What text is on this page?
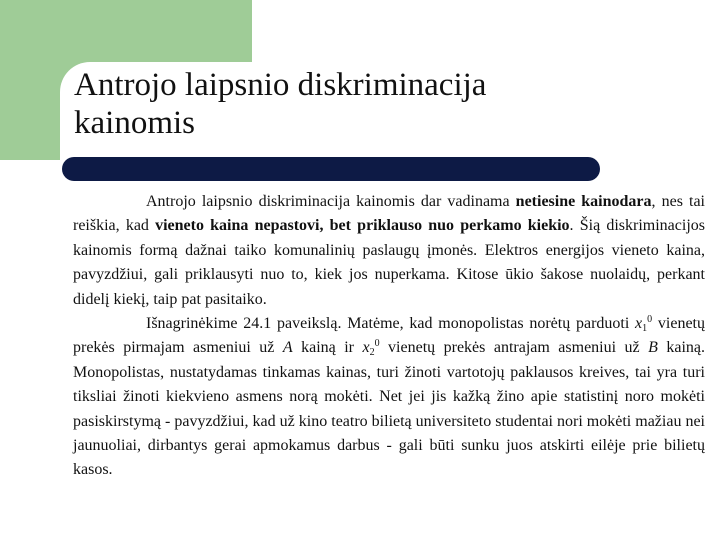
Antrojo laipsnio diskriminacija
kainomis

Antrojo laipsnio diskriminacija kainomis dar vadinama netiesine kainodara, nes tai reiškia, kad vieneto kaina nepastovi, bet priklauso nuo perkamo kiekio. Šią diskriminacijos kainomis formą dažnai taiko komunalinių paslaugų įmonės. Elektros energijos vieneto kaina, pavyzdžiui, gali priklausyti nuo to, kiek jos nuperkama. Kitose ūkio šakose nuolaidų, perkant didelį kiekį, taip pat pasitaiko.

Išnagrinėkime 24.1 paveikslą. Matėme, kad monopolistas norėtų parduoti $x_1^0$ vienetų prekės pirmajam asmeniui už A kainą ir $x_2^0$ vienetų prekės antrajam asmeniui už B kainą. Monopolistas, nustatydamas tinkamas kainas, turi žinoti vartotojų paklausos kreives, tai yra turi tiksliai žinoti kiekvieno asmens norą mokėti. Net jei jis kažką žino apie statistinį noro mokėti pasiskirstymą - pavyzdžiui, kad už kino teatro bilietą universiteto studentai nori mokėti mažiau nei jaunuoliai, dirbantys gerai apmokamus darbus - gali būti sunku juos atskirti eilėje prie bilietų kasos.
